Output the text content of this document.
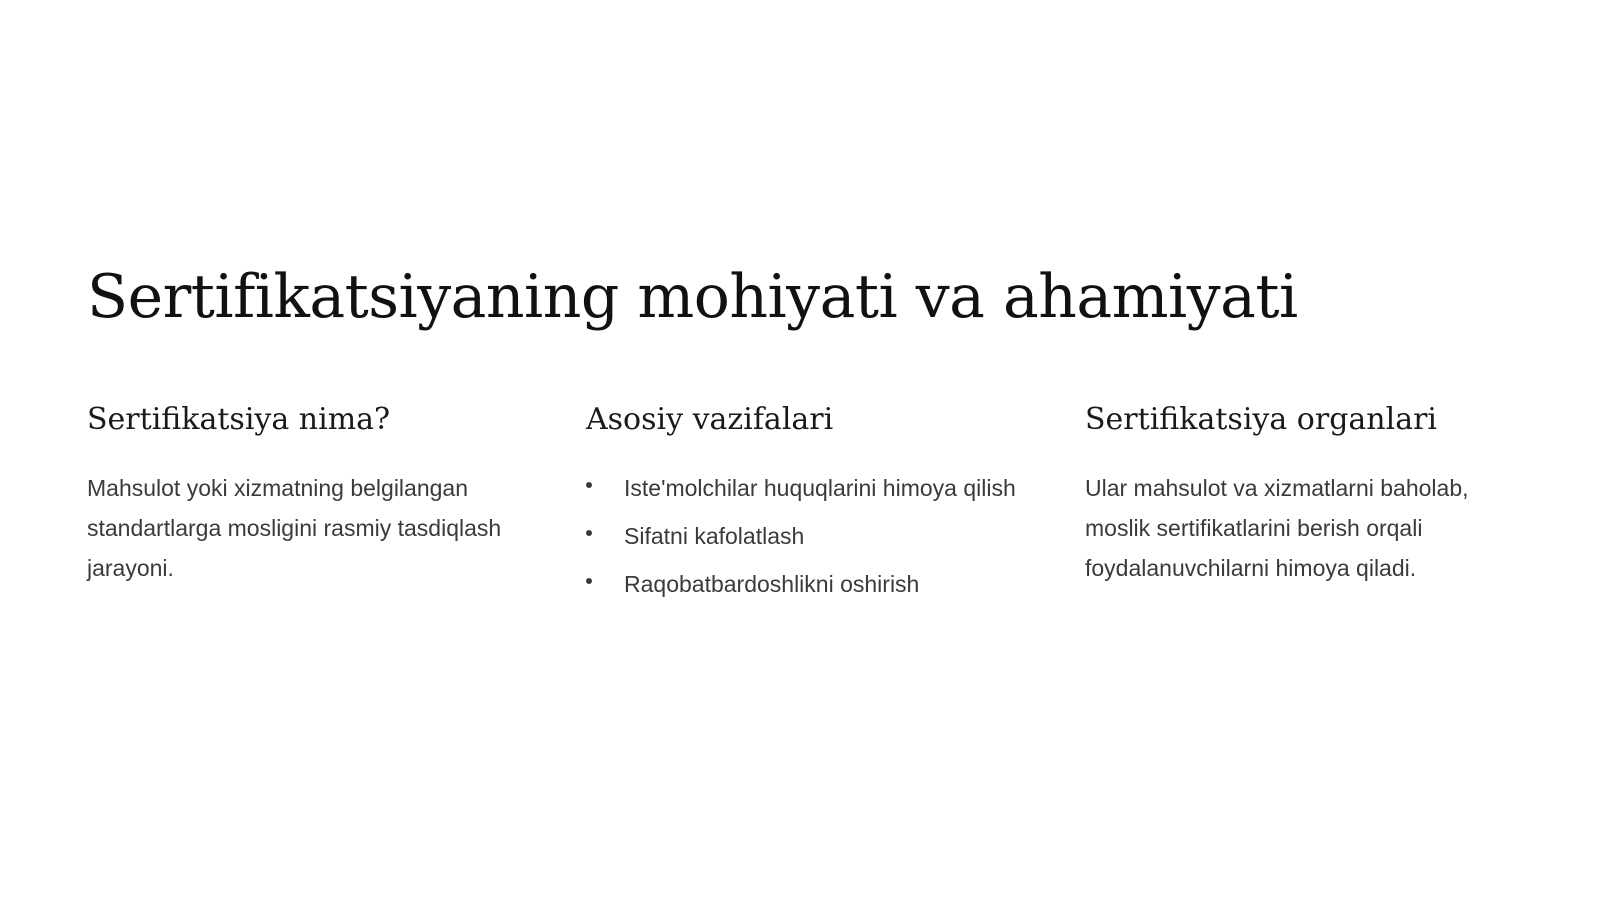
Sertifikatsiyaning mohiyati va ahamiyati
Sertifikatsiya nima?

Mahsulot yoki xizmatning belgilangan standartlarga mosligini rasmiy tasdiqlash jarayoni.

Asosiy vazifalari
Iste'molchilar huquqlarini himoya qilish
Sifatni kafolatlash
Raqobatbardoshlikni oshirish
Sertifikatsiya organlari

Ular mahsulot va xizmatlarni baholab, moslik sertifikatlarini berish orqali foydalanuvchilarni himoya qiladi.
